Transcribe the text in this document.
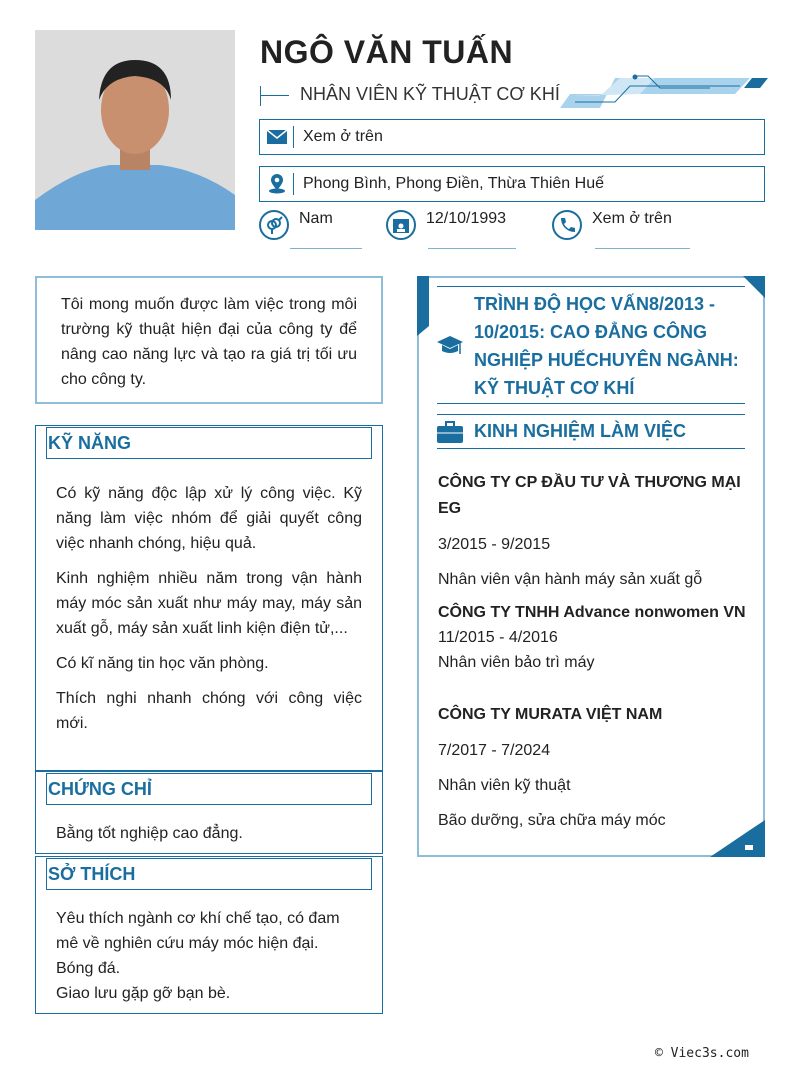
NGÔ VĂN TUẤN
NHÂN VIÊN KỸ THUẬT CƠ KHÍ
Xem ở trên
Phong Bình, Phong Điền, Thừa Thiên Huế
Nam	12/10/1993	Xem ở trên
Tôi mong muốn được làm việc trong môi trường kỹ thuật hiện đại của công ty để nâng cao năng lực và tạo ra giá trị tối ưu cho công ty.
KỸ NĂNG

Có kỹ năng độc lập xử lý công việc. Kỹ năng làm việc nhóm để giải quyết công việc nhanh chóng, hiệu quả.

Kinh nghiệm nhiều năm trong vận hành máy móc sản xuất như máy may, máy sản xuất gỗ, máy sản xuất linh kiện điện tử,...

Có kĩ năng tin học văn phòng.

Thích nghi nhanh chóng với công việc mới.

CHỨNG CHỈ

Bằng tốt nghiệp cao đẳng.

SỞ THÍCH

Yêu thích ngành cơ khí chế tạo, có đam mê về nghiên cứu máy móc hiện đại.

Bóng đá.
Giao lưu gặp gỡ bạn bè.
TRÌNH ĐỘ HỌC VẤN8/2013 - 10/2015: CAO ĐẲNG CÔNG NGHIỆP HUẾCHUYÊN NGÀNH: KỸ THUẬT CƠ KHÍ
KINH NGHIỆM LÀM VIỆC
CÔNG TY CP ĐẦU TƯ VÀ THƯƠNG MẠI EG
3/2015 - 9/2015
Nhân viên vận hành máy sản xuất gỗ
CÔNG TY TNHH Advance nonwomen VN
11/2015 - 4/2016
Nhân viên bảo trì máy
CÔNG TY MURATA VIỆT NAM
7/2017 - 7/2024
Nhân viên kỹ thuật
Bão dưỡng, sửa chữa máy móc
© Viec3s.com
